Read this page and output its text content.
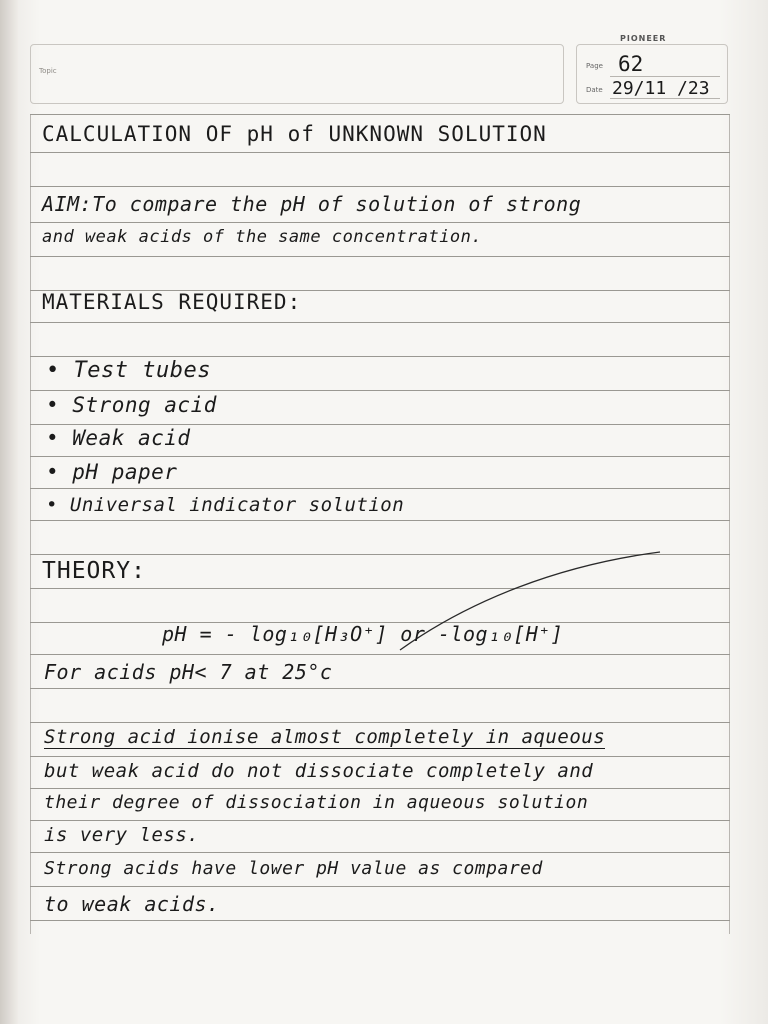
Topic
PIONEER
Page 62
Date 29/11 /23
CALCULATION OF pH of UNKNOWN SOLUTION
AIM:To compare the pH of solution of strong
and weak acids of the same concentration.
MATERIALS REQUIRED:
• Test tubes
• Strong acid
• Weak acid
• pH paper
• Universal indicator solution
THEORY:
pH = - log₁₀[H₃O⁺] or -log₁₀[H⁺]
For acids pH< 7 at 25°c
Strong acid ionise almost completely in aqueous
but weak acid do not dissociate completely and
their degree of dissociation in aqueous solution
is very less.
Strong acids have lower pH value as compared
to weak acids.
